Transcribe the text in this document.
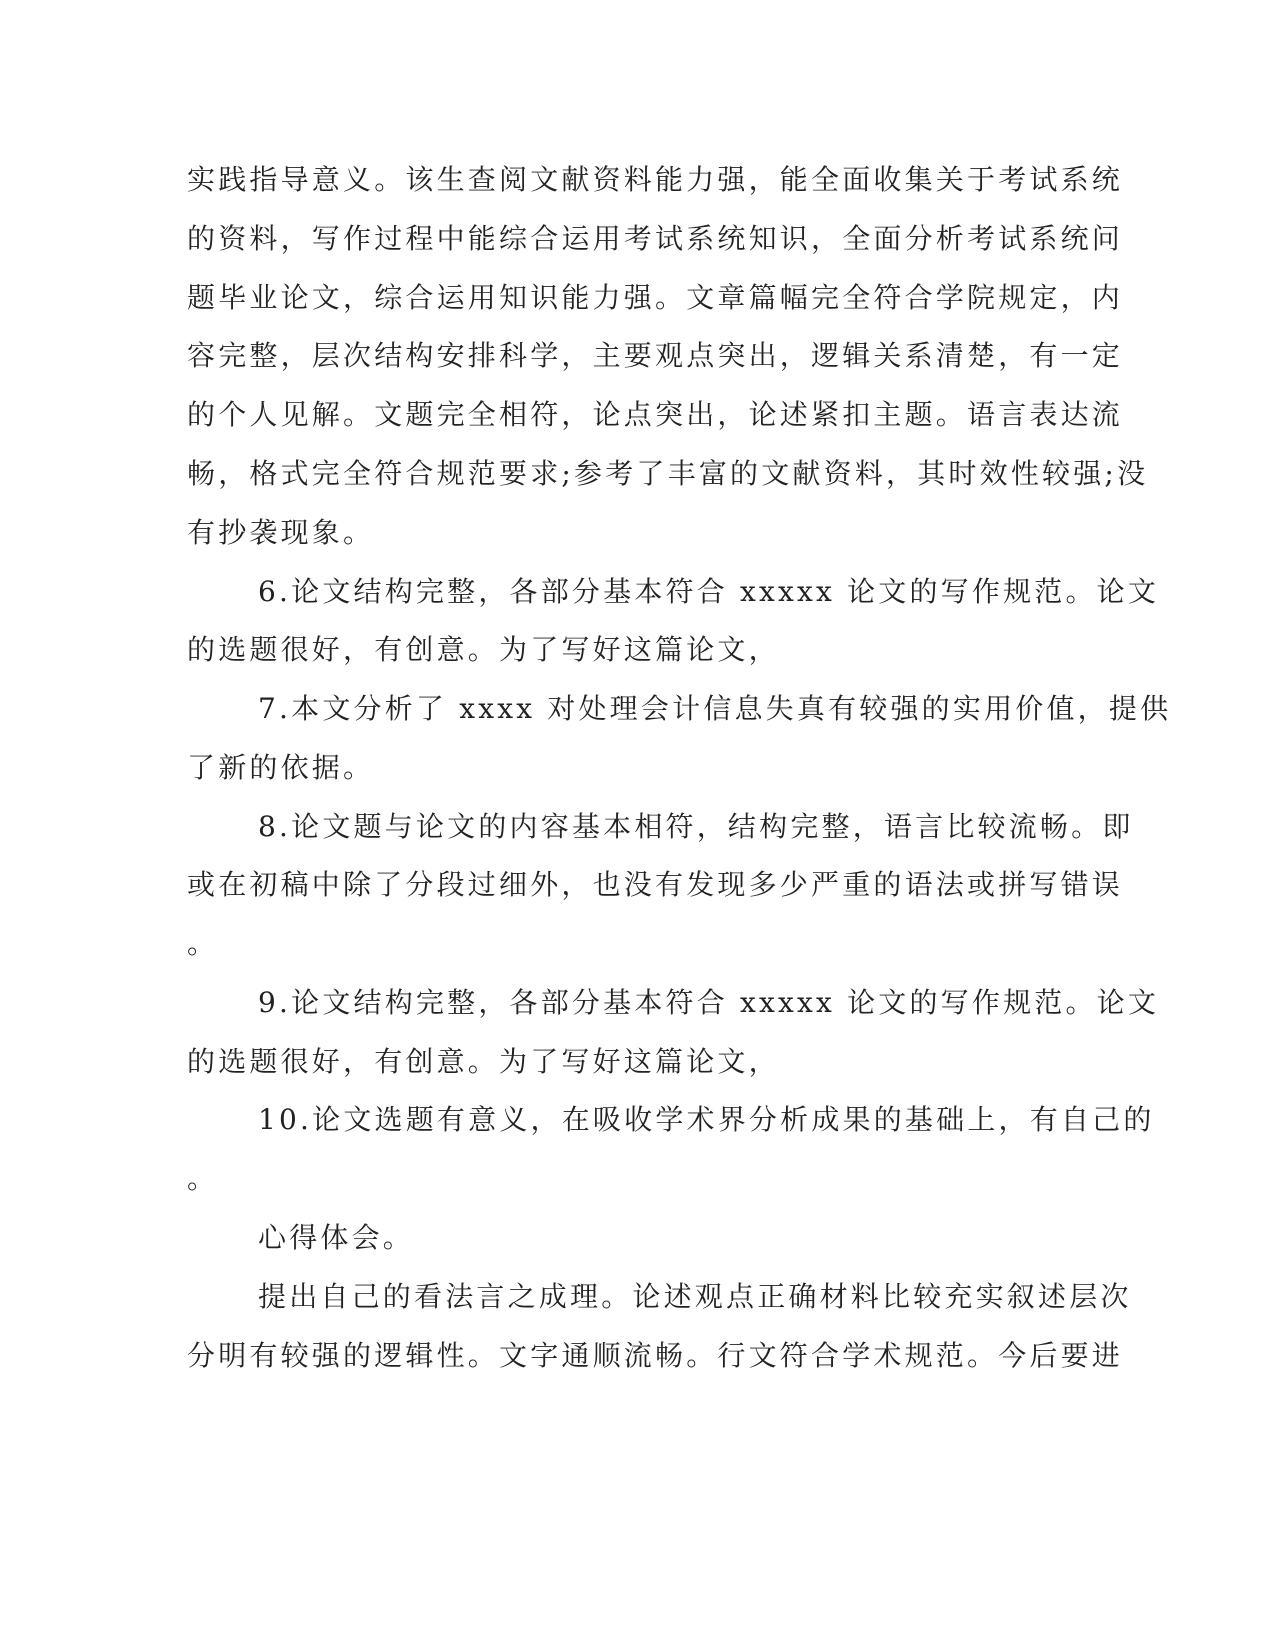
实践指导意义。该生查阅文献资料能力强，能全面收集关于考试系统
的资料，写作过程中能综合运用考试系统知识，全面分析考试系统问
题毕业论文，综合运用知识能力强。文章篇幅完全符合学院规定，内
容完整，层次结构安排科学，主要观点突出，逻辑关系清楚，有一定
的个人见解。文题完全相符，论点突出，论述紧扣主题。语言表达流
畅，格式完全符合规范要求;参考了丰富的文献资料，其时效性较强;没
有抄袭现象。
6.论文结构完整，各部分基本符合 xxxxx 论文的写作规范。论文
的选题很好，有创意。为了写好这篇论文，
7.本文分析了 xxxx 对处理会计信息失真有较强的实用价值，提供
了新的依据。
8.论文题与论文的内容基本相符，结构完整，语言比较流畅。即
或在初稿中除了分段过细外，也没有发现多少严重的语法或拼写错误
。
9.论文结构完整，各部分基本符合 xxxxx 论文的写作规范。论文
的选题很好，有创意。为了写好这篇论文，
10.论文选题有意义，在吸收学术界分析成果的基础上，有自己的
。
心得体会。
提出自己的看法言之成理。论述观点正确材料比较充实叙述层次
分明有较强的逻辑性。文字通顺流畅。行文符合学术规范。今后要进
